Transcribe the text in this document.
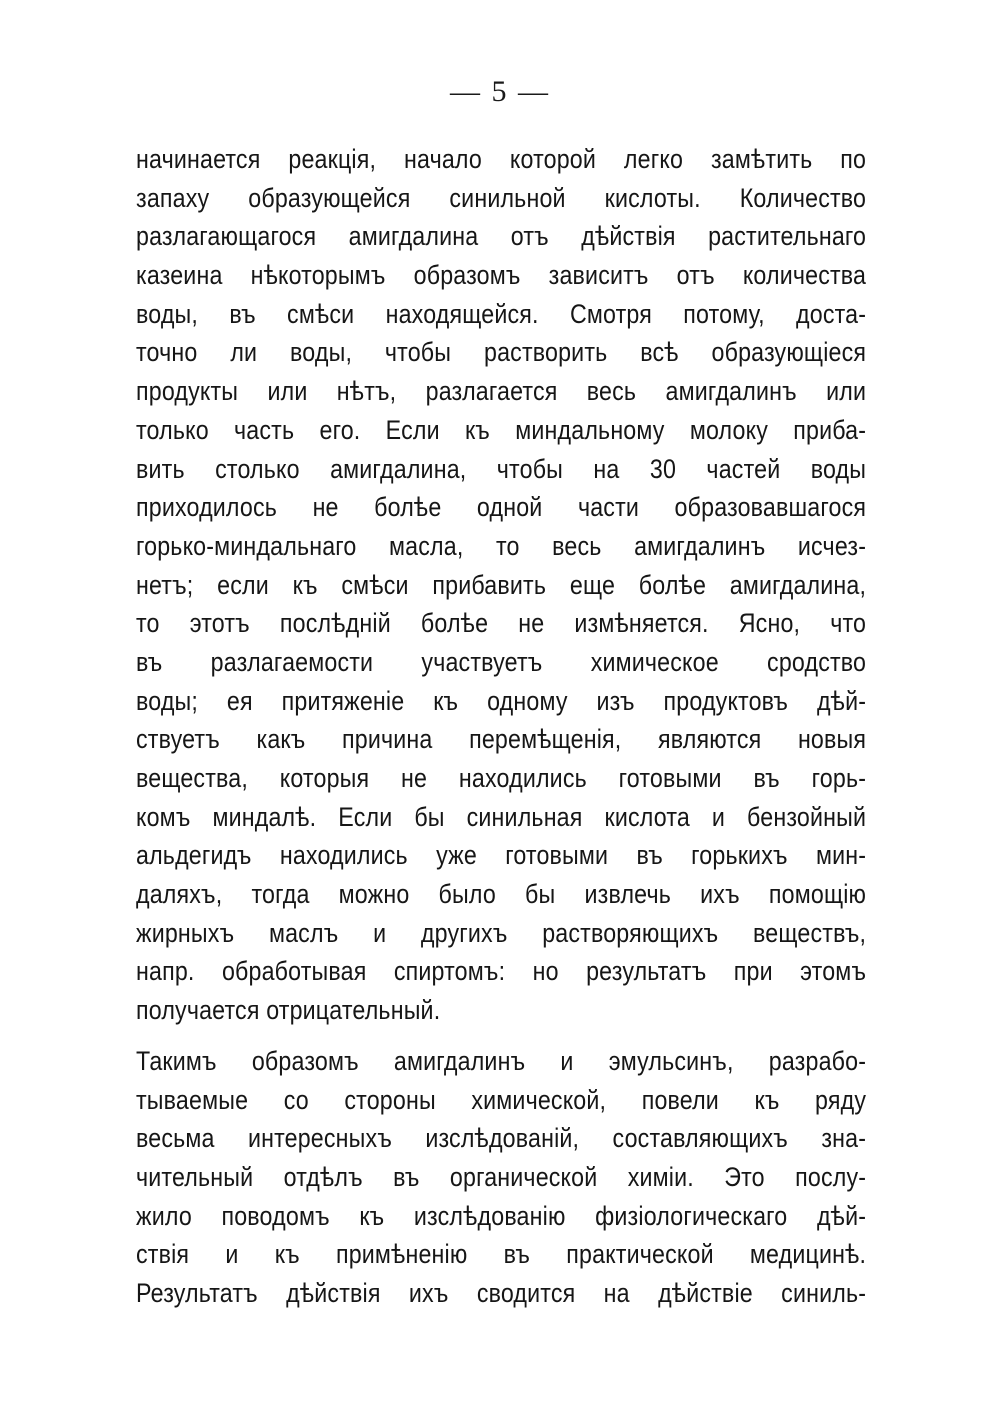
— 5 —
начинается реакція, начало которой легко замѣтить по
запаху образующейся синильной кислоты. Количество
разлагающагося амигдалина отъ дѣйствія растительнаго
казеина нѣкоторымъ образомъ зависитъ отъ количества
воды, въ смѣси находящейся. Смотря потому, доста-
точно ли воды, чтобы растворить всѣ образующіеся
продукты или нѣтъ, разлагается весь амигдалинъ или
только часть его. Если къ миндальному молоку приба-
вить столько амигдалина, чтобы на 30 частей воды
приходилось не болѣе одной части образовавшагося
горько-миндальнаго масла, то весь амигдалинъ исчез-
нетъ; если къ смѣси прибавить еще болѣе амигдалина,
то этотъ послѣдній болѣе не измѣняется. Ясно, что
въ разлагаемости участвуетъ химическое сродство
воды; ея притяженіе къ одному изъ продуктовъ дѣй-
ствуетъ какъ причина перемѣщенія, являются новыя
вещества, которыя не находились готовыми въ горь-
комъ миндалѣ. Если бы синильная кислота и бензойный
альдегидъ находились уже готовыми въ горькихъ мин-
даляхъ, тогда можно было бы извлечь ихъ помощію
жирныхъ маслъ и другихъ растворяющихъ веществъ,
напр. обработывая спиртомъ: но результатъ при этомъ
получается отрицательный.
Такимъ образомъ амигдалинъ и эмульсинъ, разрабо-
тываемые со стороны химической, повели къ ряду
весьма интересныхъ изслѣдованій, составляющихъ зна-
чительный отдѣлъ въ органической химіи. Это послу-
жило поводомъ къ изслѣдованію физіологическаго дѣй-
ствія и къ примѣненію въ практической медицинѣ.
Результатъ дѣйствія ихъ сводится на дѣйствіе синиль-
